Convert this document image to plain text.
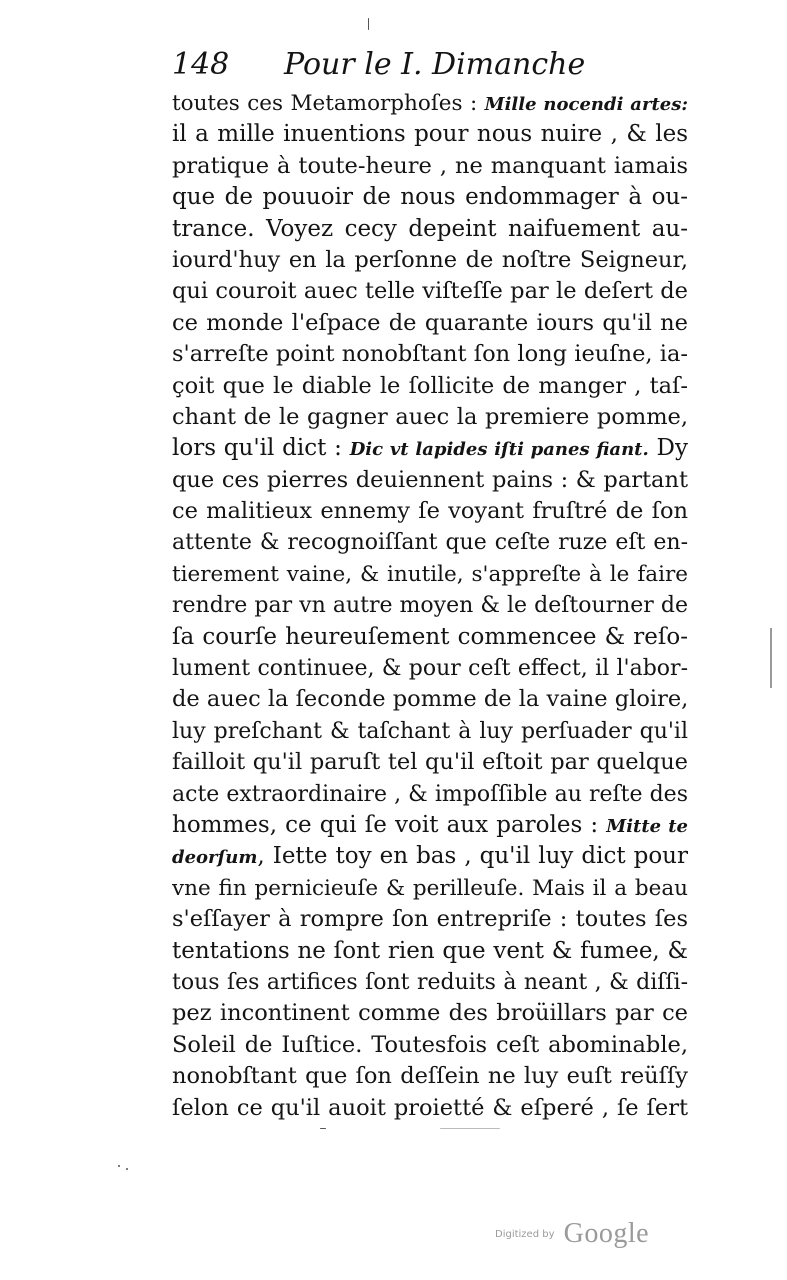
148 Pour le I. Dimanche
toutes ces Metamorphoſes : Mille nocendi artes:
il a mille inuentions pour nous nuire , & les
pratique à toute-heure , ne manquant iamais
que de pouuoir de nous endommager à ou-
trance. Voyez cecy depeint naifuement au-
iourd'huy en la perſonne de noſtre Seigneur,
qui couroit auec telle viſteſſe par le deſert de
ce monde l'eſpace de quarante iours qu'il ne
s'arreſte point nonobſtant ſon long ieuſne, ia-
çoit que le diable le ſollicite de manger , taſ-
chant de le gagner auec la premiere pomme,
lors qu'il dict : Dic vt lapides iſti panes fiant. Dy
que ces pierres deuiennent pains : & partant
ce malitieux ennemy ſe voyant fruſtré de ſon
attente & recognoiſſant que ceſte ruze eſt en-
tierement vaine, & inutile, s'appreſte à le faire
rendre par vn autre moyen & le deſtourner de
ſa courſe heureuſement commencee & reſo-
lument continuee, & pour ceſt effect, il l'abor-
de auec la ſeconde pomme de la vaine gloire,
luy preſchant & taſchant à luy perſuader qu'il
failloit qu'il paruſt tel qu'il eſtoit par quelque
acte extraordinaire , & impoſſible au reſte des
hommes, ce qui ſe voit aux paroles : Mitte te
deorſum, Iette toy en bas , qu'il luy dict pour
vne fin pernicieuſe & perilleuſe. Mais il a beau
s'eſſayer à rompre ſon entrepriſe : toutes ſes
tentations ne ſont rien que vent & fumee, &
tous ſes artifices ſont reduits à neant , & diſſi-
pez incontinent comme des broüillars par ce
Soleil de Iuſtice. Toutesfois ceſt abominable,
nonobſtant que ſon deſſein ne luy euſt reüſſy
ſelon ce qu'il auoit proietté & eſperé , ſe ſert
Digitized by Google
